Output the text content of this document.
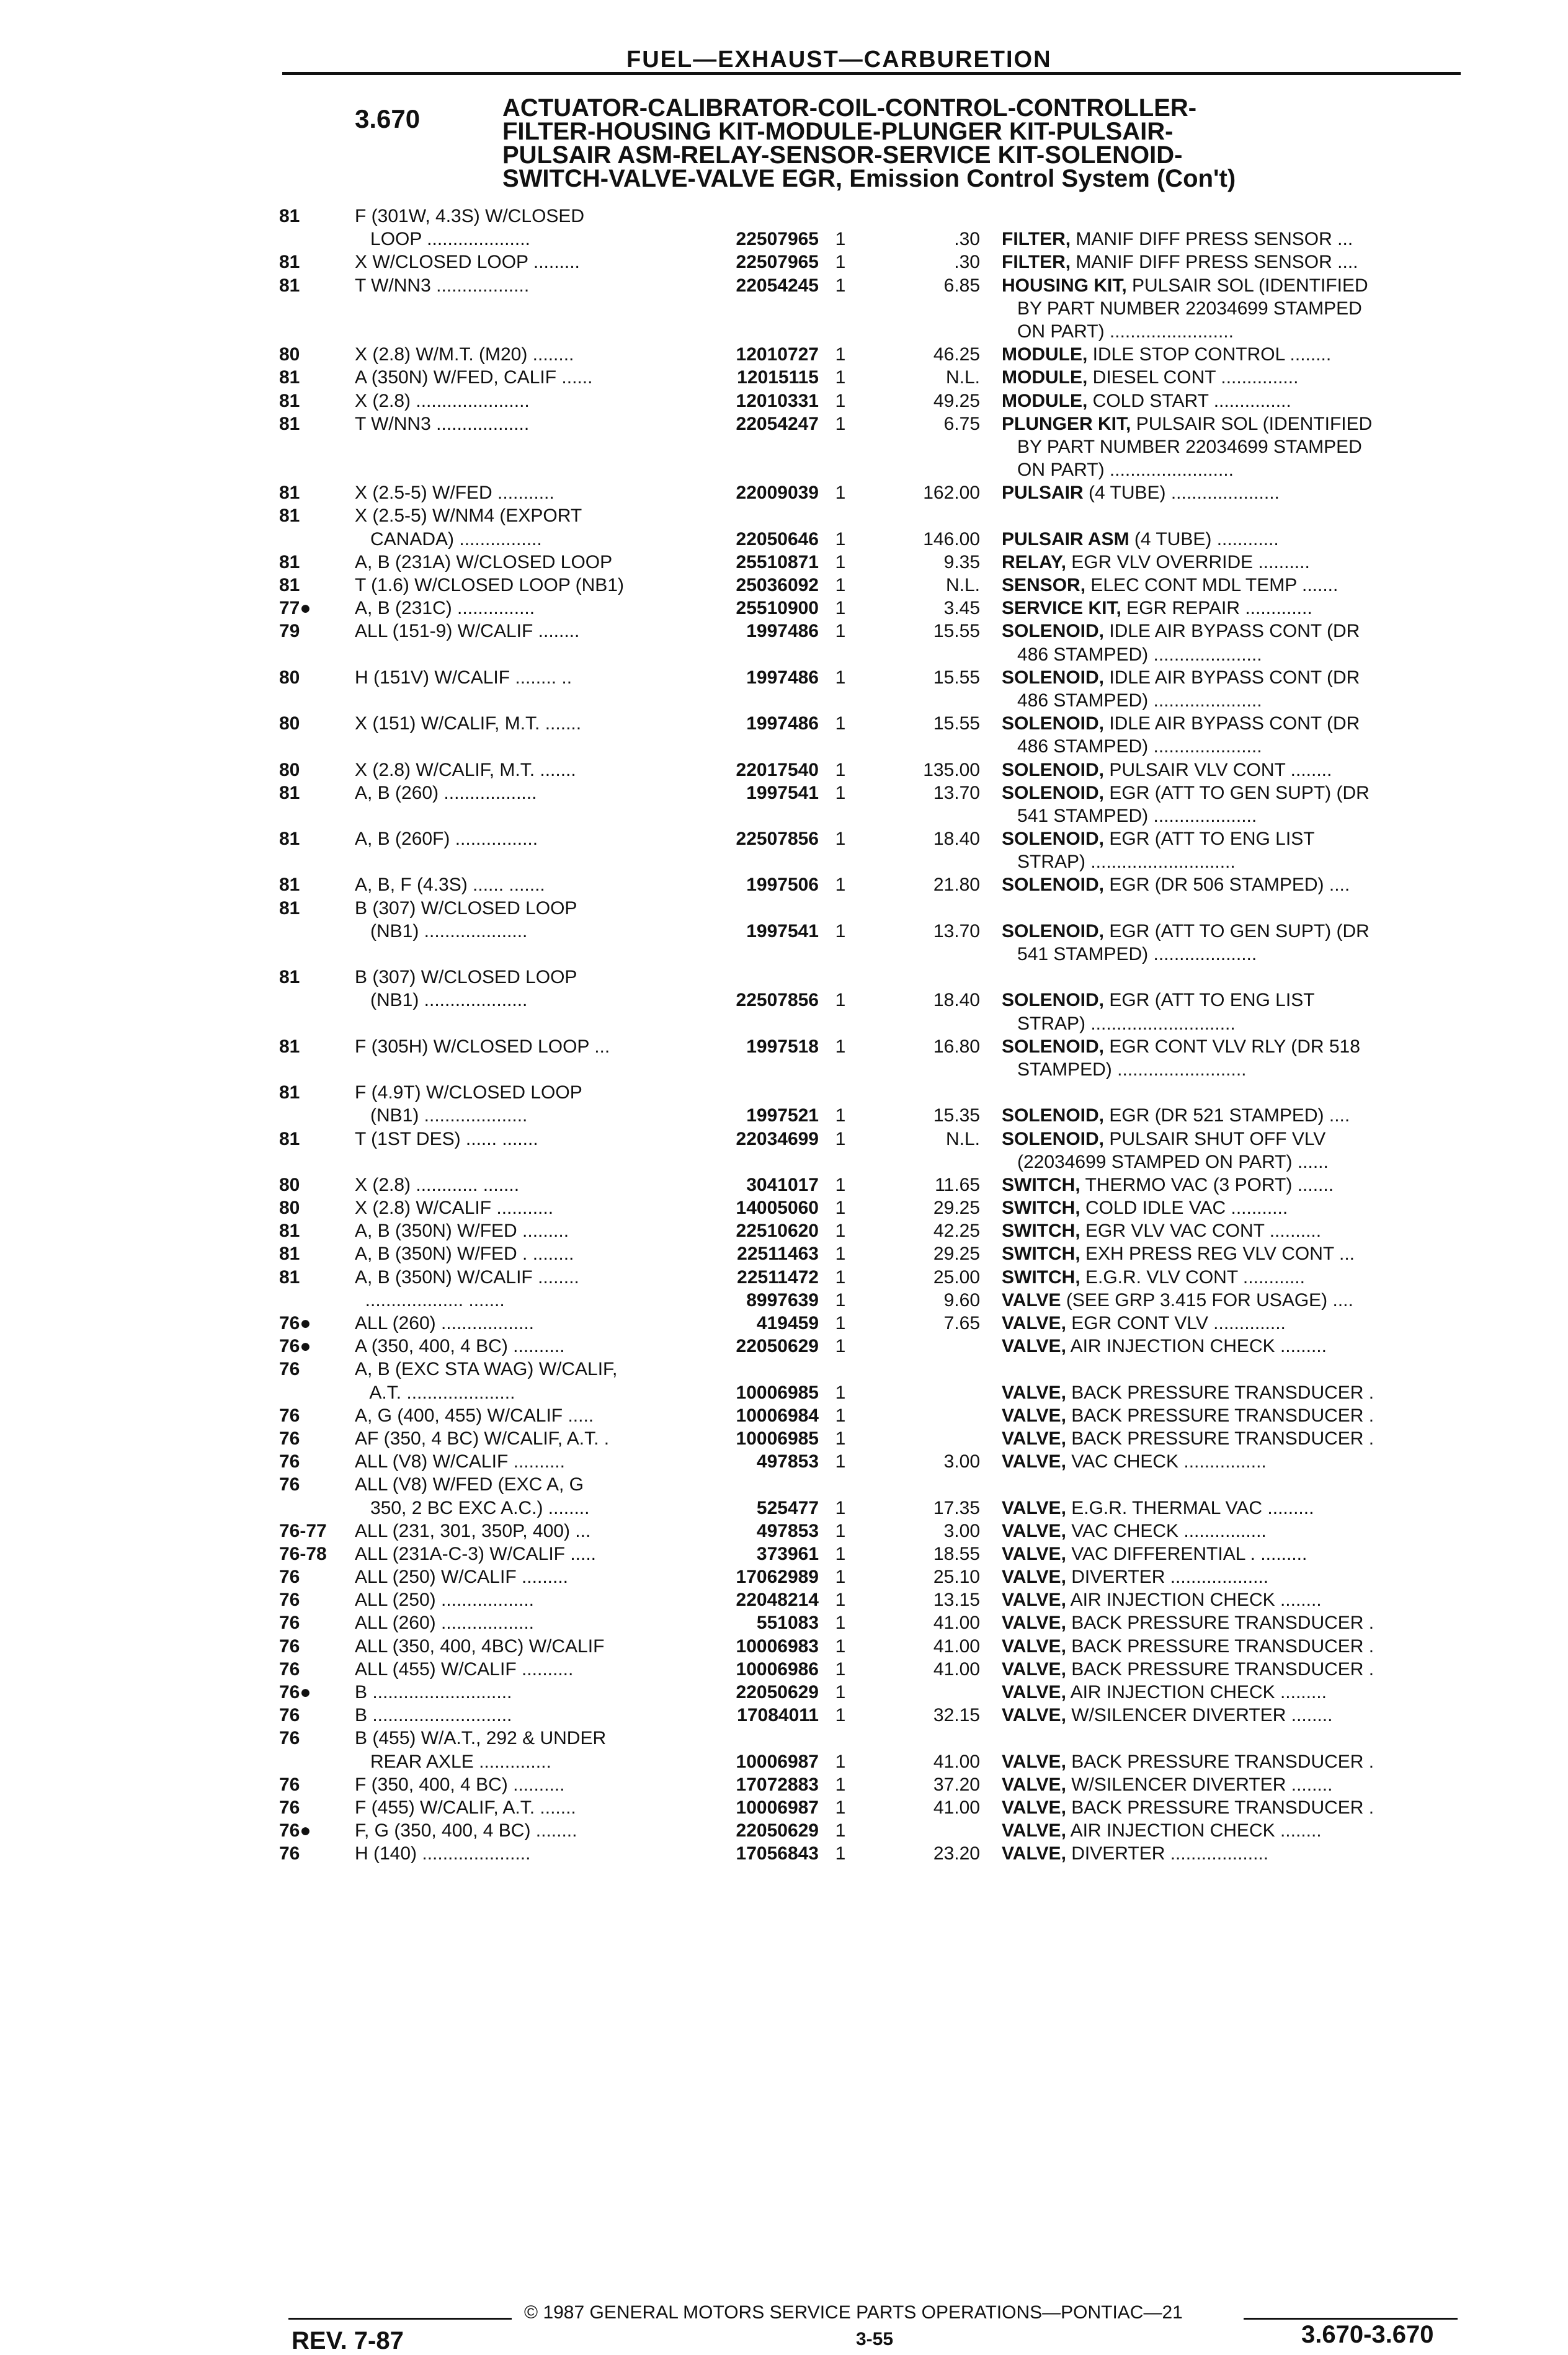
FUEL—EXHAUST—CARBURETION
3.670	ACTUATOR-CALIBRATOR-COIL-CONTROL-CONTROLLER-
FILTER-HOUSING KIT-MODULE-PLUNGER KIT-PULSAIR-
PULSAIR ASM-RELAY-SENSOR-SERVICE KIT-SOLENOID-
SWITCH-VALVE-VALVE EGR, Emission Control System (Con't)
81	F (301W, 4.3S) W/CLOSED
LOOP ....................	22507965 1	.30 FILTER, MANIF DIFF PRESS SENSOR ...
81	X W/CLOSED LOOP .........	22507965 1	.30 FILTER, MANIF DIFF PRESS SENSOR ....
81	T W/NN3 ..................	22054245 1	6.85 HOUSING KIT, PULSAIR SOL (IDENTIFIED
BY PART NUMBER 22034699 STAMPED
ON PART) ........................
80	X (2.8) W/M.T. (M20) ........	12010727 1	46.25 MODULE, IDLE STOP CONTROL ........
81	A (350N) W/FED, CALIF ......	12015115 1	N.L. MODULE, DIESEL CONT ...............
81	X (2.8) ......................	12010331 1	49.25 MODULE, COLD START ...............
81	T W/NN3 ..................	22054247 1	6.75 PLUNGER KIT, PULSAIR SOL (IDENTIFIED
BY PART NUMBER 22034699 STAMPED
ON PART) ........................
81	X (2.5-5) W/FED ...........	22009039 1	162.00 PULSAIR (4 TUBE) .....................
81	X (2.5-5) W/NM4 (EXPORT
CANADA) ................	22050646 1	146.00 PULSAIR ASM (4 TUBE) ............
81	A, B (231A) W/CLOSED LOOP	25510871 1	9.35 RELAY, EGR VLV OVERRIDE ..........
81	T (1.6) W/CLOSED LOOP (NB1)	25036092 1	N.L. SENSOR, ELEC CONT MDL TEMP .......
77● A, B (231C) ...............	25510900 1	3.45 SERVICE KIT, EGR REPAIR .............
79	ALL (151-9) W/CALIF ........	1997486 1	15.55 SOLENOID, IDLE AIR BYPASS CONT (DR
486 STAMPED) .....................
80	H (151V) W/CALIF ........ ..	1997486 1	15.55 SOLENOID, IDLE AIR BYPASS CONT (DR
486 STAMPED) .....................
80	X (151) W/CALIF, M.T. .......	1997486 1	15.55 SOLENOID, IDLE AIR BYPASS CONT (DR
486 STAMPED) .....................
80	X (2.8) W/CALIF, M.T. .......	22017540 1	135.00 SOLENOID, PULSAIR VLV CONT ........
81	A, B (260) ..................	1997541 1	13.70 SOLENOID, EGR (ATT TO GEN SUPT) (DR
541 STAMPED) ....................
81	A, B (260F) ................	22507856 1	18.40 SOLENOID, EGR (ATT TO ENG LIST
STRAP) ............................
81	A, B, F (4.3S) ...... .......	1997506 1	21.80 SOLENOID, EGR (DR 506 STAMPED) ....
81	B (307) W/CLOSED LOOP
(NB1) ....................	1997541 1	13.70 SOLENOID, EGR (ATT TO GEN SUPT) (DR
541 STAMPED) ....................
81	B (307) W/CLOSED LOOP
(NB1) ....................	22507856 1	18.40 SOLENOID, EGR (ATT TO ENG LIST
STRAP) ............................
81	F (305H) W/CLOSED LOOP ...	1997518 1	16.80 SOLENOID, EGR CONT VLV RLY (DR 518
STAMPED) .........................
81	F (4.9T) W/CLOSED LOOP
(NB1) ....................	1997521 1	15.35 SOLENOID, EGR (DR 521 STAMPED) ....
81	T (1ST DES) ...... .......	22034699 1	N.L. SOLENOID, PULSAIR SHUT OFF VLV
(22034699 STAMPED ON PART) ......
80	X (2.8) ............ .......	3041017 1	11.65 SWITCH, THERMO VAC (3 PORT) .......
80	X (2.8) W/CALIF ...........	14005060 1	29.25 SWITCH, COLD IDLE VAC ...........
81	A, B (350N) W/FED .........	22510620 1	42.25 SWITCH, EGR VLV VAC CONT ..........
81	A, B (350N) W/FED . ........	22511463 1	29.25 SWITCH, EXH PRESS REG VLV CONT ...
81	A, B (350N) W/CALIF ........	22511472 1	25.00 SWITCH, E.G.R. VLV CONT ............
................... .......	8997639 1	9.60 VALVE (SEE GRP 3.415 FOR USAGE) ....
76● ALL (260) ..................	419459 1	7.65 VALVE, EGR CONT VLV ..............
76● A (350, 400, 4 BC) ..........	22050629 1	VALVE, AIR INJECTION CHECK .........
76	A, B (EXC STA WAG) W/CALIF,
A.T. .....................	10006985 1	VALVE, BACK PRESSURE TRANSDUCER .
76	A, G (400, 455) W/CALIF .....	10006984 1	VALVE, BACK PRESSURE TRANSDUCER .
76	AF (350, 4 BC) W/CALIF, A.T. .	10006985 1	VALVE, BACK PRESSURE TRANSDUCER .
76	ALL (V8) W/CALIF ..........	497853 1	3.00 VALVE, VAC CHECK ................
76	ALL (V8) W/FED (EXC A, G
350, 2 BC EXC A.C.) ........	525477 1	17.35 VALVE, E.G.R. THERMAL VAC .........
76-77 ALL (231, 301, 350P, 400) ...	497853 1	3.00 VALVE, VAC CHECK ................
76-78 ALL (231A-C-3) W/CALIF .....	373961 1	18.55 VALVE, VAC DIFFERENTIAL . .........
76	ALL (250) W/CALIF .........	17062989 1	25.10 VALVE, DIVERTER ...................
76	ALL (250) ..................	22048214 1	13.15 VALVE, AIR INJECTION CHECK ........
76	ALL (260) ..................	551083 1	41.00 VALVE, BACK PRESSURE TRANSDUCER .
76	ALL (350, 400, 4BC) W/CALIF	10006983 1	41.00 VALVE, BACK PRESSURE TRANSDUCER .
76	ALL (455) W/CALIF ..........	10006986 1	41.00 VALVE, BACK PRESSURE TRANSDUCER .
76● B ...........................	22050629 1	VALVE, AIR INJECTION CHECK .........
76	B ...........................	17084011 1	32.15 VALVE, W/SILENCER DIVERTER ........
76	B (455) W/A.T., 292 & UNDER
REAR AXLE ..............	10006987 1	41.00 VALVE, BACK PRESSURE TRANSDUCER .
76	F (350, 400, 4 BC) ..........	17072883 1	37.20 VALVE, W/SILENCER DIVERTER ........
76	F (455) W/CALIF, A.T. .......	10006987 1	41.00 VALVE, BACK PRESSURE TRANSDUCER .
76● F, G (350, 400, 4 BC) ........	22050629 1	VALVE, AIR INJECTION CHECK ........
76	H (140) .....................	17056843 1	23.20 VALVE, DIVERTER ...................
© 1987 GENERAL MOTORS SERVICE PARTS OPERATIONS—PONTIAC—21
REV. 7-87	3-55	3.670-3.670
